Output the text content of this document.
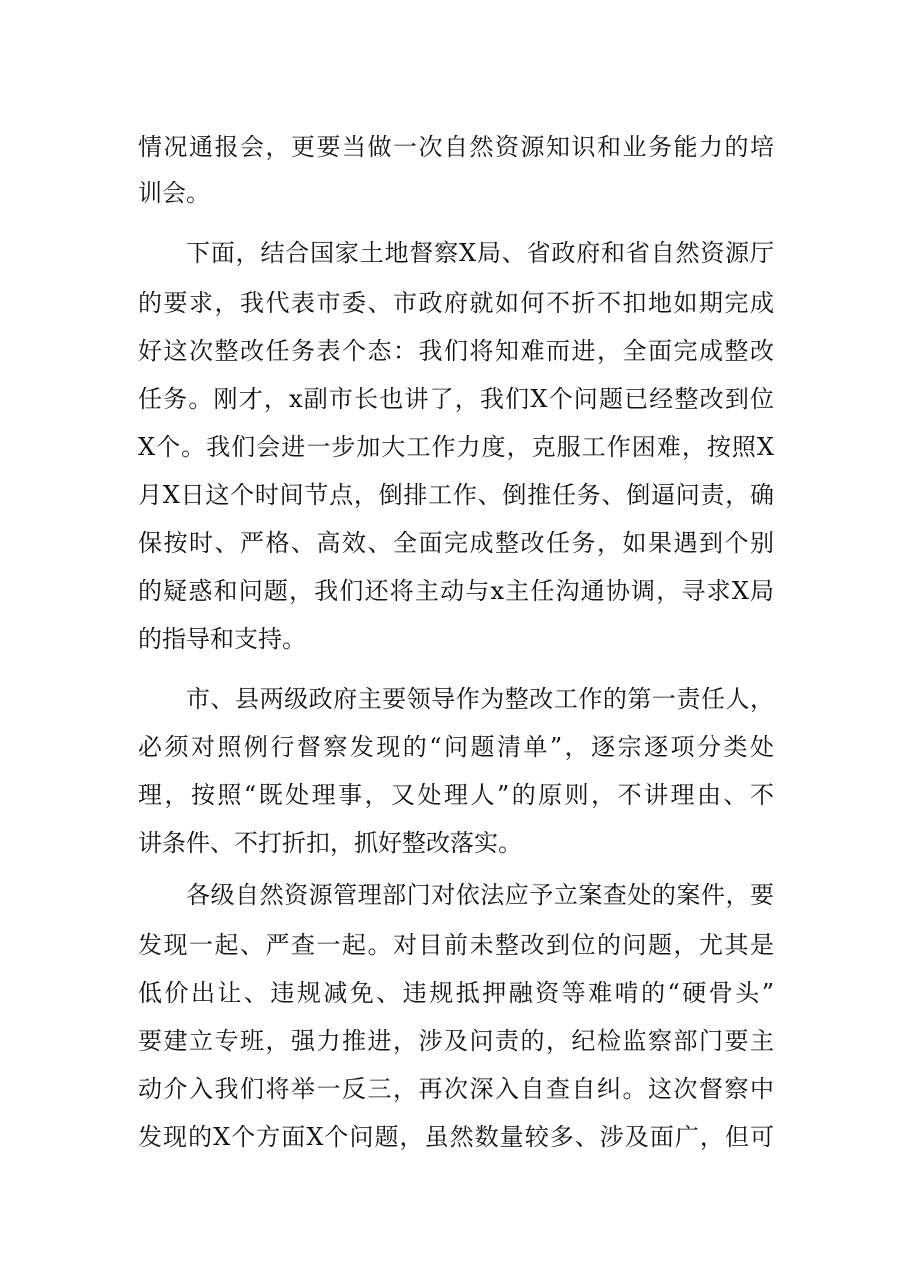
情况通报会，更要当做一次自然资源知识和业务能力的培

训会。

下面，结合国家土地督察X局、省政府和省自然资源厅

的要求，我代表市委、市政府就如何不折不扣地如期完成

好这次整改任务表个态：我们将知难而进，全面完成整改

任务。刚才，x副市长也讲了，我们X个问题已经整改到位

X个。我们会进一步加大工作力度，克服工作困难，按照X

月X日这个时间节点，倒排工作、倒推任务、倒逼问责，确

保按时、严格、高效、全面完成整改任务，如果遇到个别

的疑惑和问题，我们还将主动与x主任沟通协调，寻求X局

的指导和支持。

市、县两级政府主要领导作为整改工作的第一责任人，

必须对照例行督察发现的“问题清单”，逐宗逐项分类处

理，按照“既处理事，又处理人”的原则，不讲理由、不

讲条件、不打折扣，抓好整改落实。

各级自然资源管理部门对依法应予立案查处的案件，要

发现一起、严查一起。对目前未整改到位的问题，尤其是

低价出让、违规减免、违规抵押融资等难啃的“硬骨头”

要建立专班，强力推进，涉及问责的，纪检监察部门要主

动介入我们将举一反三，再次深入自查自纠。这次督察中

发现的X个方面X个问题，虽然数量较多、涉及面广，但可
